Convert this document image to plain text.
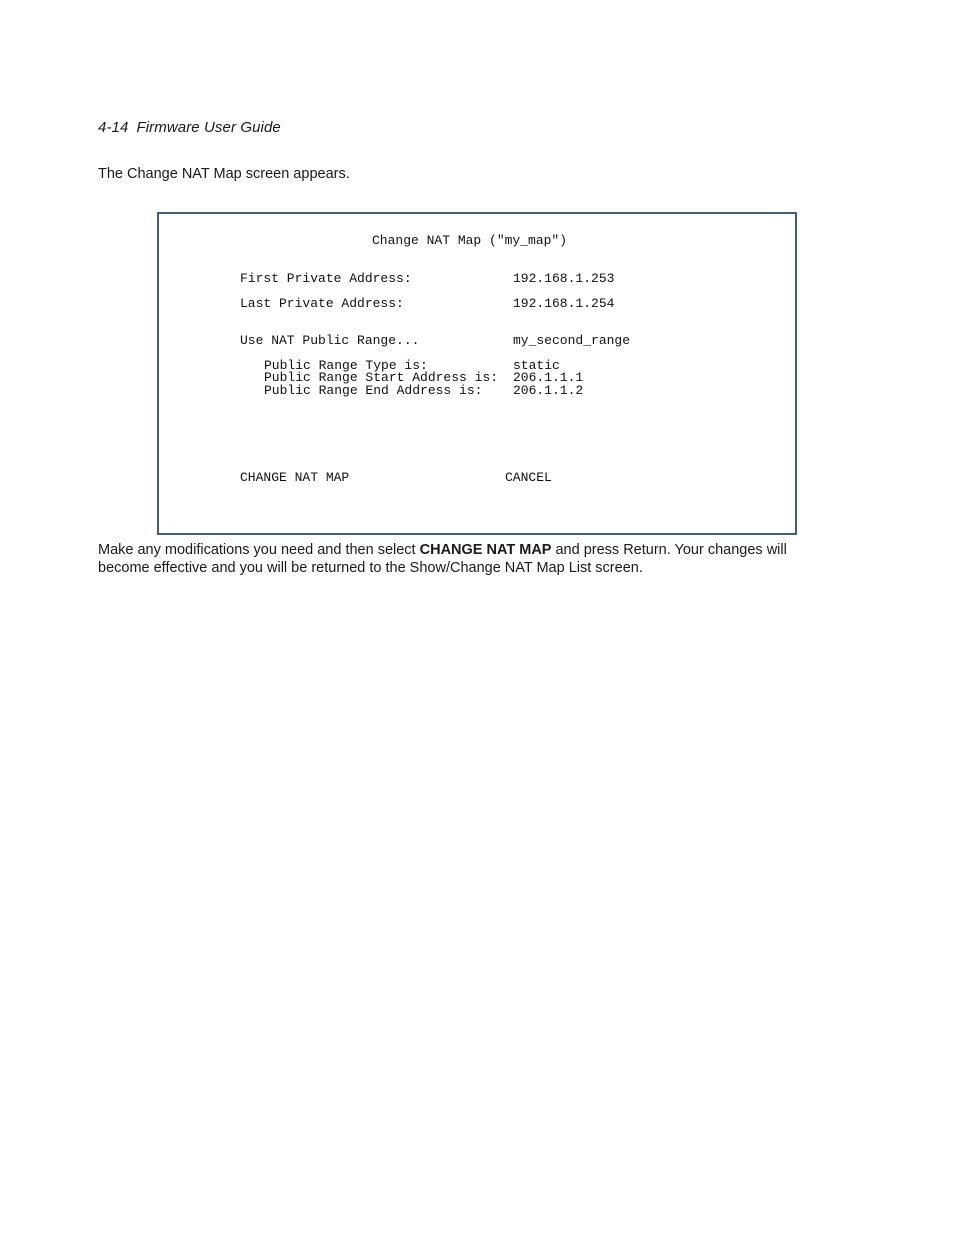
4-14 Firmware User Guide
The Change NAT Map screen appears.
Change NAT Map ("my_map")
First Private Address:	192.168.1.253
Last Private Address:	192.168.1.254
Use NAT Public Range...	my_second_range
Public Range Type is:	static
Public Range Start Address is: 206.1.1.1
Public Range End Address is: 206.1.1.2
CHANGE NAT MAP	CANCEL
Make any modifications you need and then select CHANGE NAT MAP and press Return. Your changes will become effective and you will be returned to the Show/Change NAT Map List screen.
